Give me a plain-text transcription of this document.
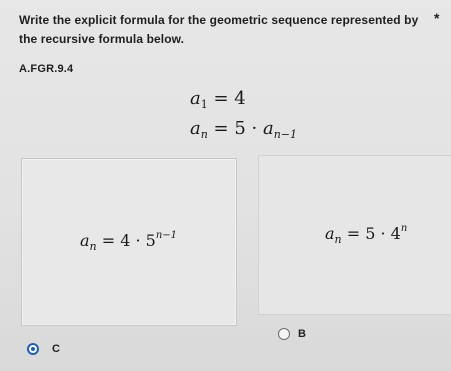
Write the explicit formula for the geometric sequence represented by the recursive formula below.
*
A.FGR.9.4
$a_1 = 4$
$a_n = 5 \cdot a_{n-1}$
$a_n = 4 \cdot 5^{n-1}$	$a_n = 5 \cdot 4^n$
B
C
